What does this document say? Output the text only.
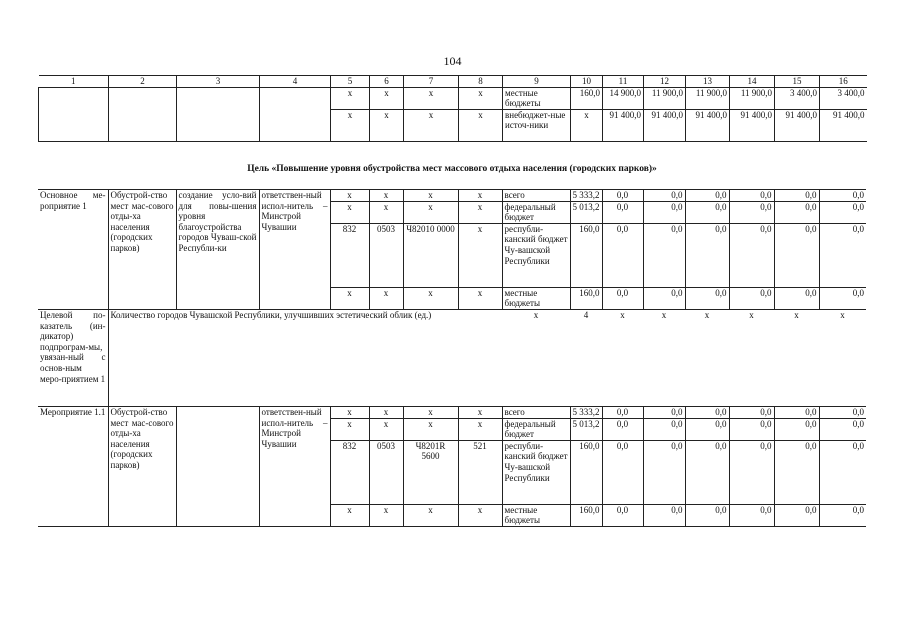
104
1	2	3	4	5	6	7	8	9	10	11	12	13	14	15	16
				x	x	x	x	местные бюджеты	160,0	14 900,0	11 900,0	11 900,0	11 900,0	3 400,0	3 400,0
				x	x	x	x	внебюджет-ные источ-ники	x	91 400,0	91 400,0	91 400,0	91 400,0	91 400,0	91 400,0
Цель «Повышение уровня обустройства мест массового отдыха населения (городских парков)»
Основное ме-роприятие 1	Обустрой-ство мест мас-сового отды-ха населения (городских парков)	создание усло-вий для повы-шения уровня благоустройства городов Чуваш-ской Республи-ки	ответствен-ный испол-нитель – Минстрой Чувашии	x	x	x	x	всего	5 333,2	0,0	0,0	0,0	0,0	0,0	0,0
				x	x	x	x	федеральный бюджет	5 013,2	0,0	0,0	0,0	0,0	0,0	0,0
				832	0503	Ч82010 0000	x	республи-канский бюджет Чу-вашской Республики	160,0	0,0	0,0	0,0	0,0	0,0	0,0
				x	x	x	x	местные бюджеты	160,0	0,0	0,0	0,0	0,0	0,0	0,0
Целевой по-казатель (ин-дикатор) подпрограм-мы, увязан-ный с основ-ным меро-приятием 1	Количество городов Чувашской Республики, улучшивших эстетический облик (ед.)							x	4	x	x	x	x	x	x
Мероприятие 1.1	Обустрой-ство мест мас-сового отды-ха населения (городских парков)		ответствен-ный испол-нитель – Минстрой Чувашии	x	x	x	x	всего	5 333,2	0,0	0,0	0,0	0,0	0,0	0,0
				x	x	x	x	федеральный бюджет	5 013,2	0,0	0,0	0,0	0,0	0,0	0,0
				832	0503	Ч8201R 5600	521	республи-канский бюджет Чу-вашской Республики	160,0	0,0	0,0	0,0	0,0	0,0	0,0
				x	x	x	x	местные бюджеты	160,0	0,0	0,0	0,0	0,0	0,0	0,0
